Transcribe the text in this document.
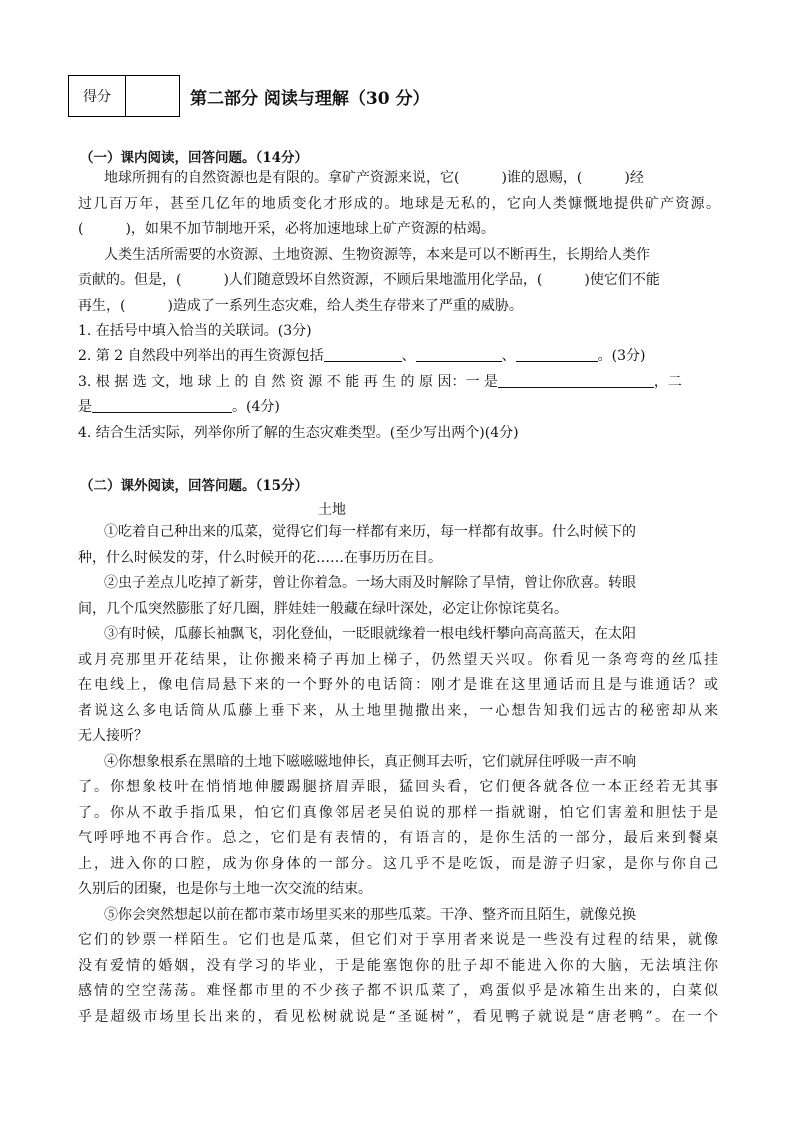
得分	第二部分 阅读与理解（30 分）
（一）课内阅读，回答问题。（14分）
地球所拥有的自然资源也是有限的。拿矿产资源来说，它(　　　)谁的恩赐，(　　　)经
过几百万年，甚至几亿年的地质变化才形成的。地球是无私的，它向人类慷慨地提供矿产资源。
(　　　)，如果不加节制地开采，必将加速地球上矿产资源的枯竭。
人类生活所需要的水资源、土地资源、生物资源等，本来是可以不断再生，长期给人类作
贡献的。但是，(　　　)人们随意毁坏自然资源，不顾后果地滥用化学品，(　　　)使它们不能
再生，(　　　)造成了一系列生态灾难，给人类生存带来了严重的威胁。
1. 在括号中填入恰当的关联词。(3分)
2. 第 2 自然段中列举出的再生资源包括	、	、	。(3分)
3. 根 据 选 文，地 球 上 的 自 然 资 源 不 能 再 生 的 原 因：一 是	，二
是	。(4分)
4. 结合生活实际，列举你所了解的生态灾难类型。(至少写出两个)(4分)
（二）课外阅读，回答问题。（15分）
土地
①吃着自己种出来的瓜菜，觉得它们每一样都有来历，每一样都有故事。什么时候下的
种，什么时候发的芽，什么时候开的花……在事历历在目。
②虫子差点儿吃掉了新芽，曾让你着急。一场大雨及时解除了旱情，曾让你欣喜。转眼
间，几个瓜突然膨胀了好几圈，胖娃娃一般藏在绿叶深处，必定让你惊诧莫名。
③有时候，瓜藤长袖飘飞，羽化登仙，一眨眼就缘着一根电线杆攀向高高蓝天，在太阳
或月亮那里开花结果，让你搬来椅子再加上梯子，仍然望天兴叹。你看见一条弯弯的丝瓜挂
在电线上，像电信局悬下来的一个野外的电话筒：刚才是谁在这里通话而且是与谁通话？或
者说这么多电话筒从瓜藤上垂下来，从土地里抛撒出来，一心想告知我们远古的秘密却从来
无人接听？
④你想象根系在黑暗的土地下嗞嗞嗞地伸长，真正侧耳去听，它们就屏住呼吸一声不响
了。你想象枝叶在悄悄地伸腰踢腿挤眉弄眼，猛回头看，它们便各就各位一本正经若无其事
了。你从不敢手指瓜果，怕它们真像邻居老吴伯说的那样一指就谢，怕它们害羞和胆怯于是
气呼呼地不再合作。总之，它们是有表情的，有语言的，是你生活的一部分，最后来到餐桌
上，进入你的口腔，成为你身体的一部分。这几乎不是吃饭，而是游子归家，是你与你自己
久别后的团聚，也是你与土地一次交流的结束。
⑤你会突然想起以前在都市菜市场里买来的那些瓜菜。干净、整齐而且陌生，就像兑换
它们的钞票一样陌生。它们也是瓜菜，但它们对于享用者来说是一些没有过程的结果，就像
没有爱情的婚姻，没有学习的毕业，于是能塞饱你的肚子却不能进入你的大脑，无法填注你
感情的空空荡荡。难怪都市里的不少孩子都不识瓜菜了，鸡蛋似乎是冰箱生出来的，白菜似
乎是超级市场里长出来的，看见松树就说是“圣诞树”，看见鸭子就说是“唐老鸭”。在一个
